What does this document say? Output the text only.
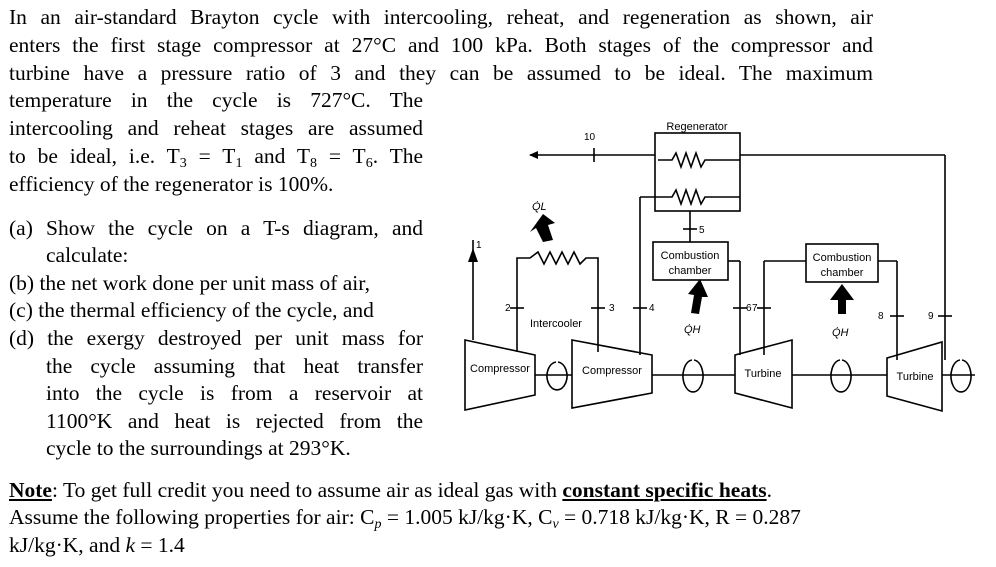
In an air-standard Brayton cycle with intercooling, reheat, and regeneration as shown, air
enters the first stage compressor at 27°C and 100 kPa. Both stages of the compressor and
turbine have a pressure ratio of 3 and they can be assumed to be ideal. The maximum
temperature in the cycle is 727°C. The
intercooling and reheat stages are assumed
to be ideal, i.e. $T_3 = T_1$ and $T_8 = T_6$. The
efficiency of the regenerator is 100%.
(a) Show the cycle on a T-s diagram, and
calculate:
(b) the net work done per unit mass of air,
(c) the thermal efficiency of the cycle, and
(d) the exergy destroyed per unit mass for
the cycle assuming that heat transfer
into the cycle is from a reservoir at
1100°K and heat is rejected from the
cycle to the surroundings at 293°K.
Note: To get full credit you need to assume air as ideal gas with constant specific heats.
Assume the following properties for air: $C_p = 1.005$ kJ/kg·K, $C_v = 0.718$ kJ/kg·K, R = 0.287
kJ/kg·K, and k = 1.4
Regenerator
Intercooler
Combustion
chamber
Combustion
chamber
Compressor	Compressor	Turbine	Turbine
Q̇L
Q̇H	Q̇H
1
2	3	4
5
6 7
8	9
10
